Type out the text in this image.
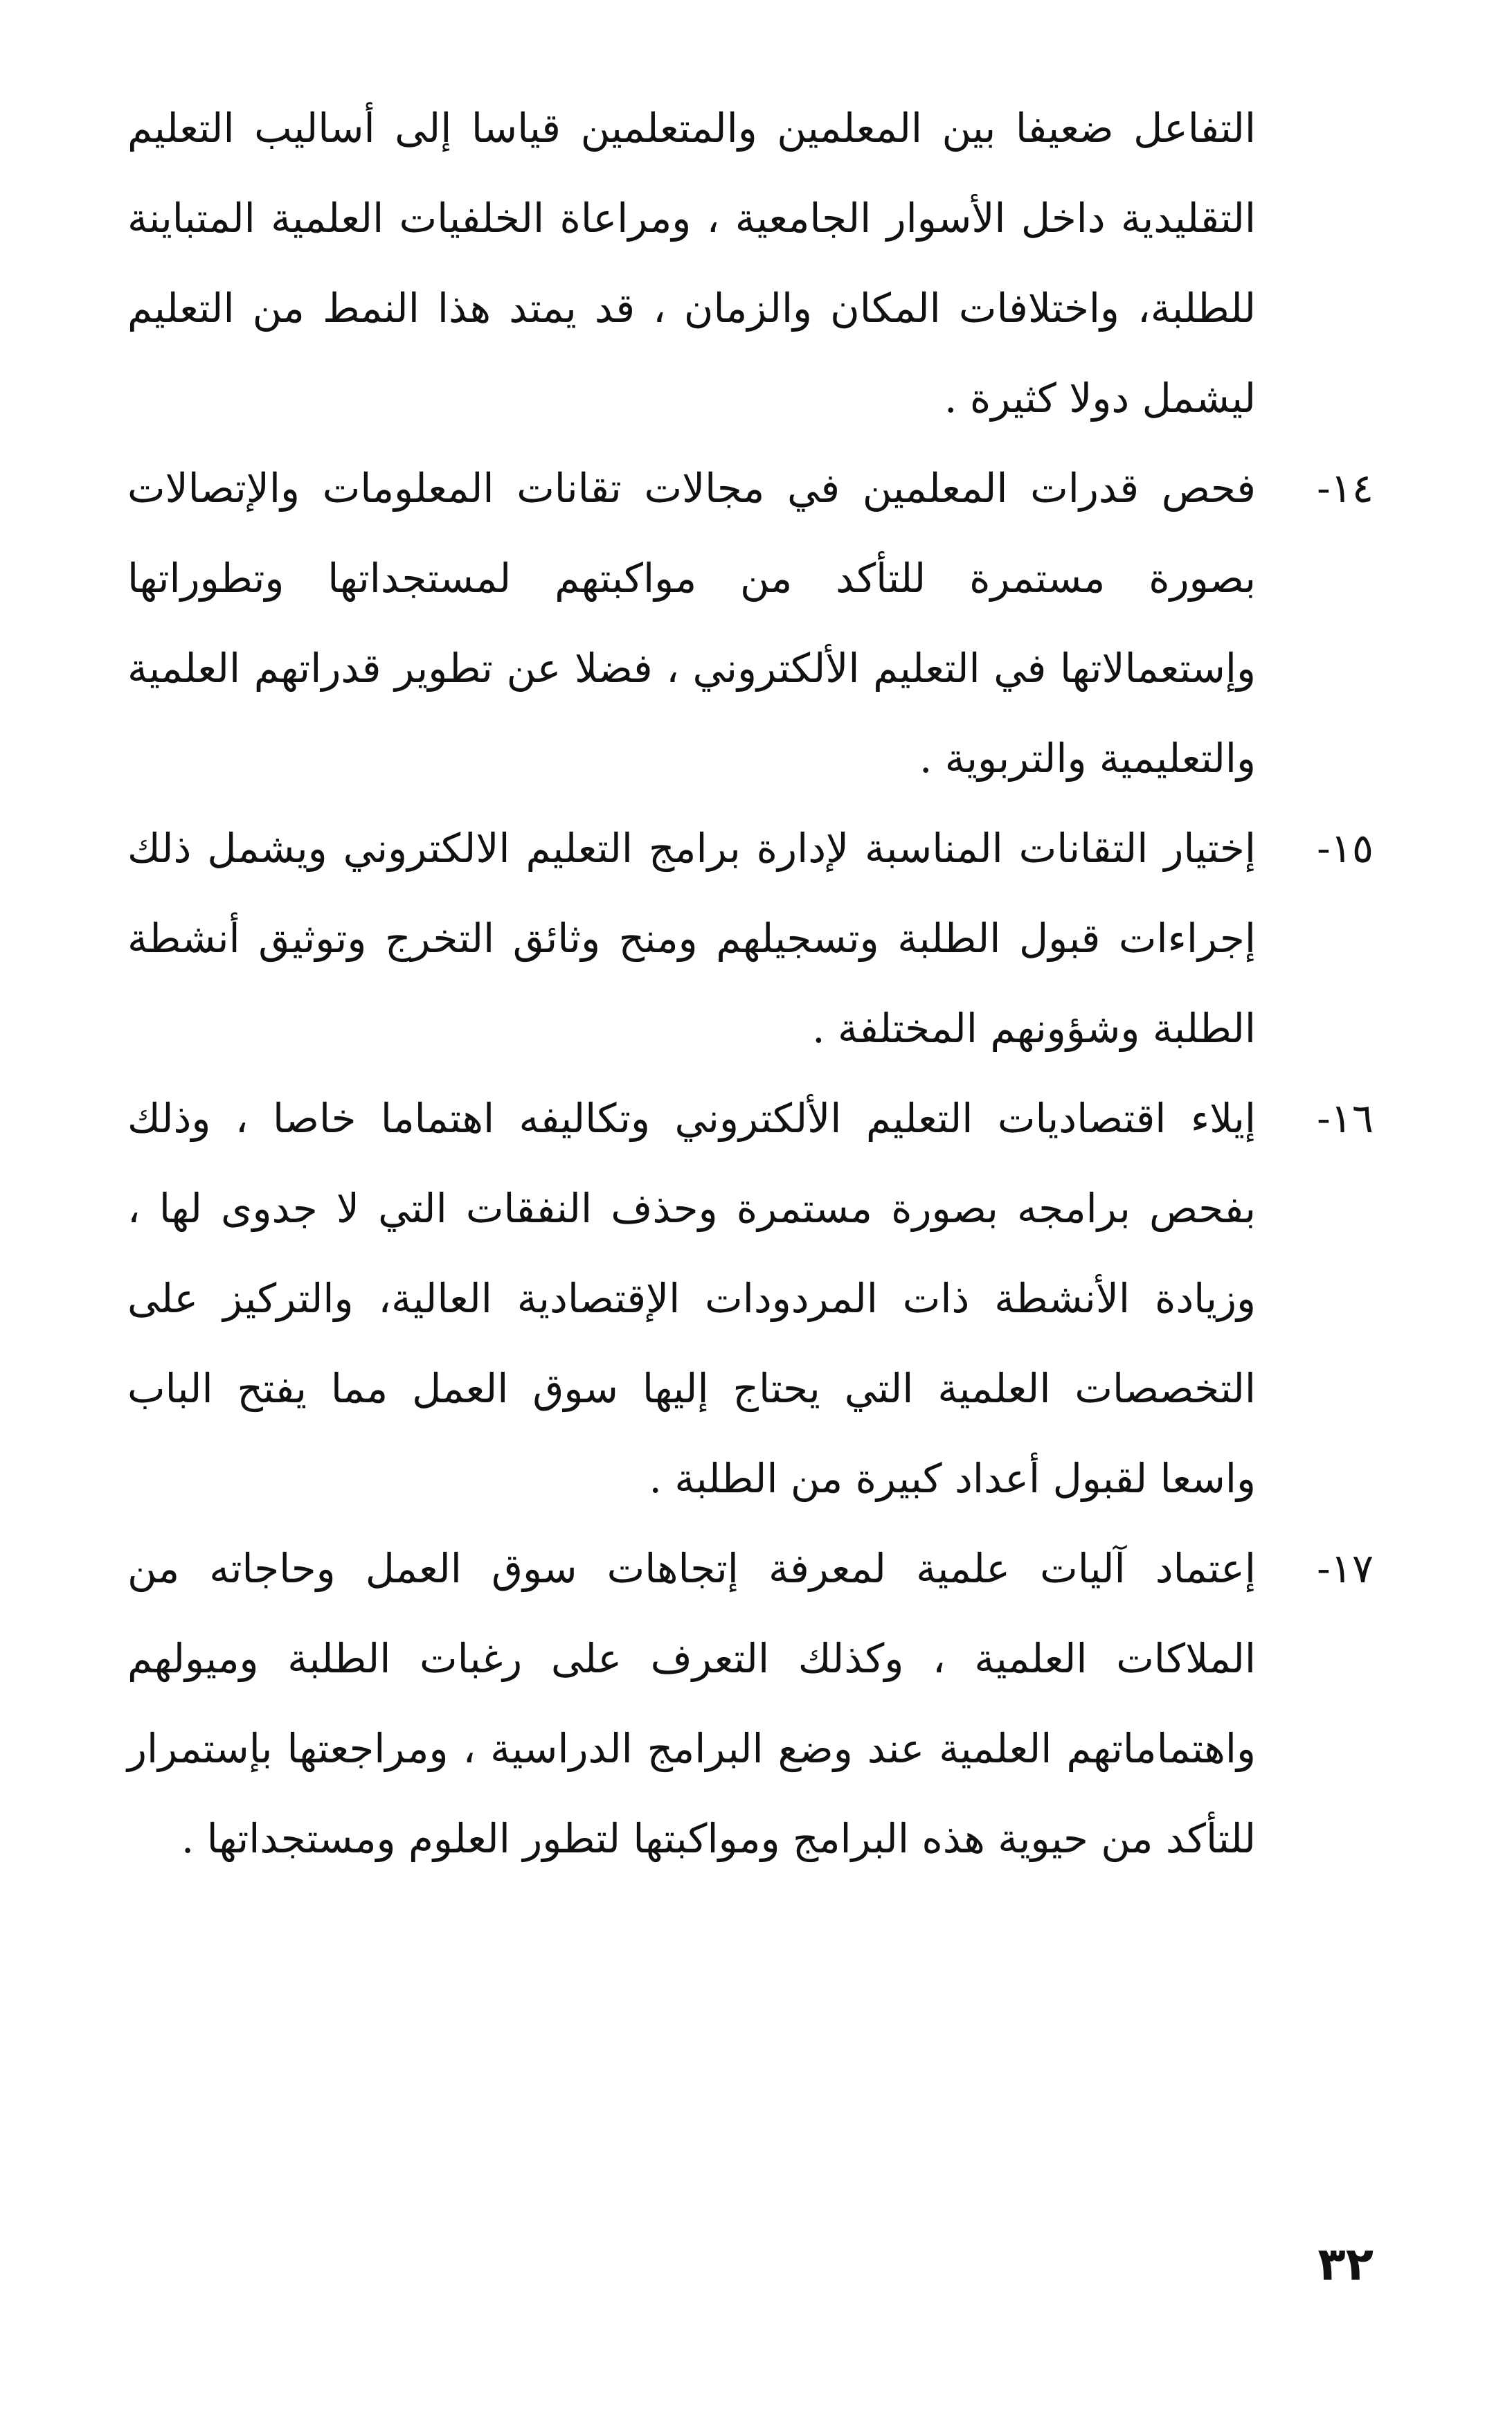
التفاعل ضعيفا بين المعلمين والمتعلمين قياسا إلى أساليب التعليم التقليدية داخل الأسوار الجامعية ، ومراعاة الخلفيات العلمية المتباينة للطلبة، واختلافات المكان والزمان ، قد يمتد هذا النمط من التعليم ليشمل دولا كثيرة .

١٤-

فحص قدرات المعلمين في مجالات تقانات المعلومات والإتصالات بصورة مستمرة للتأكد من مواكبتهم لمستجداتها وتطوراتها وإستعمالاتها في التعليم الألكتروني ، فضلا عن تطوير قدراتهم العلمية والتعليمية والتربوية .

١٥-

إختيار التقانات المناسبة لإدارة برامج التعليم الالكتروني ويشمل ذلك إجراءات قبول الطلبة وتسجيلهم ومنح وثائق التخرج وتوثيق أنشطة الطلبة وشؤونهم المختلفة .

١٦-

إيلاء اقتصاديات التعليم الألكتروني وتكاليفه اهتماما خاصا ، وذلك بفحص برامجه بصورة مستمرة وحذف النفقات التي لا جدوى لها ، وزيادة الأنشطة ذات المردودات الإقتصادية العالية، والتركيز على التخصصات العلمية التي يحتاج إليها سوق العمل مما يفتح الباب واسعا لقبول أعداد كبيرة من الطلبة .

١٧-

إعتماد آليات علمية لمعرفة إتجاهات سوق العمل وحاجاته من الملاكات العلمية ، وكذلك التعرف على رغبات الطلبة وميولهم واهتماماتهم العلمية عند وضع البرامج الدراسية ، ومراجعتها بإستمرار للتأكد من حيوية هذه البرامج ومواكبتها لتطور العلوم ومستجداتها .

٣٢
